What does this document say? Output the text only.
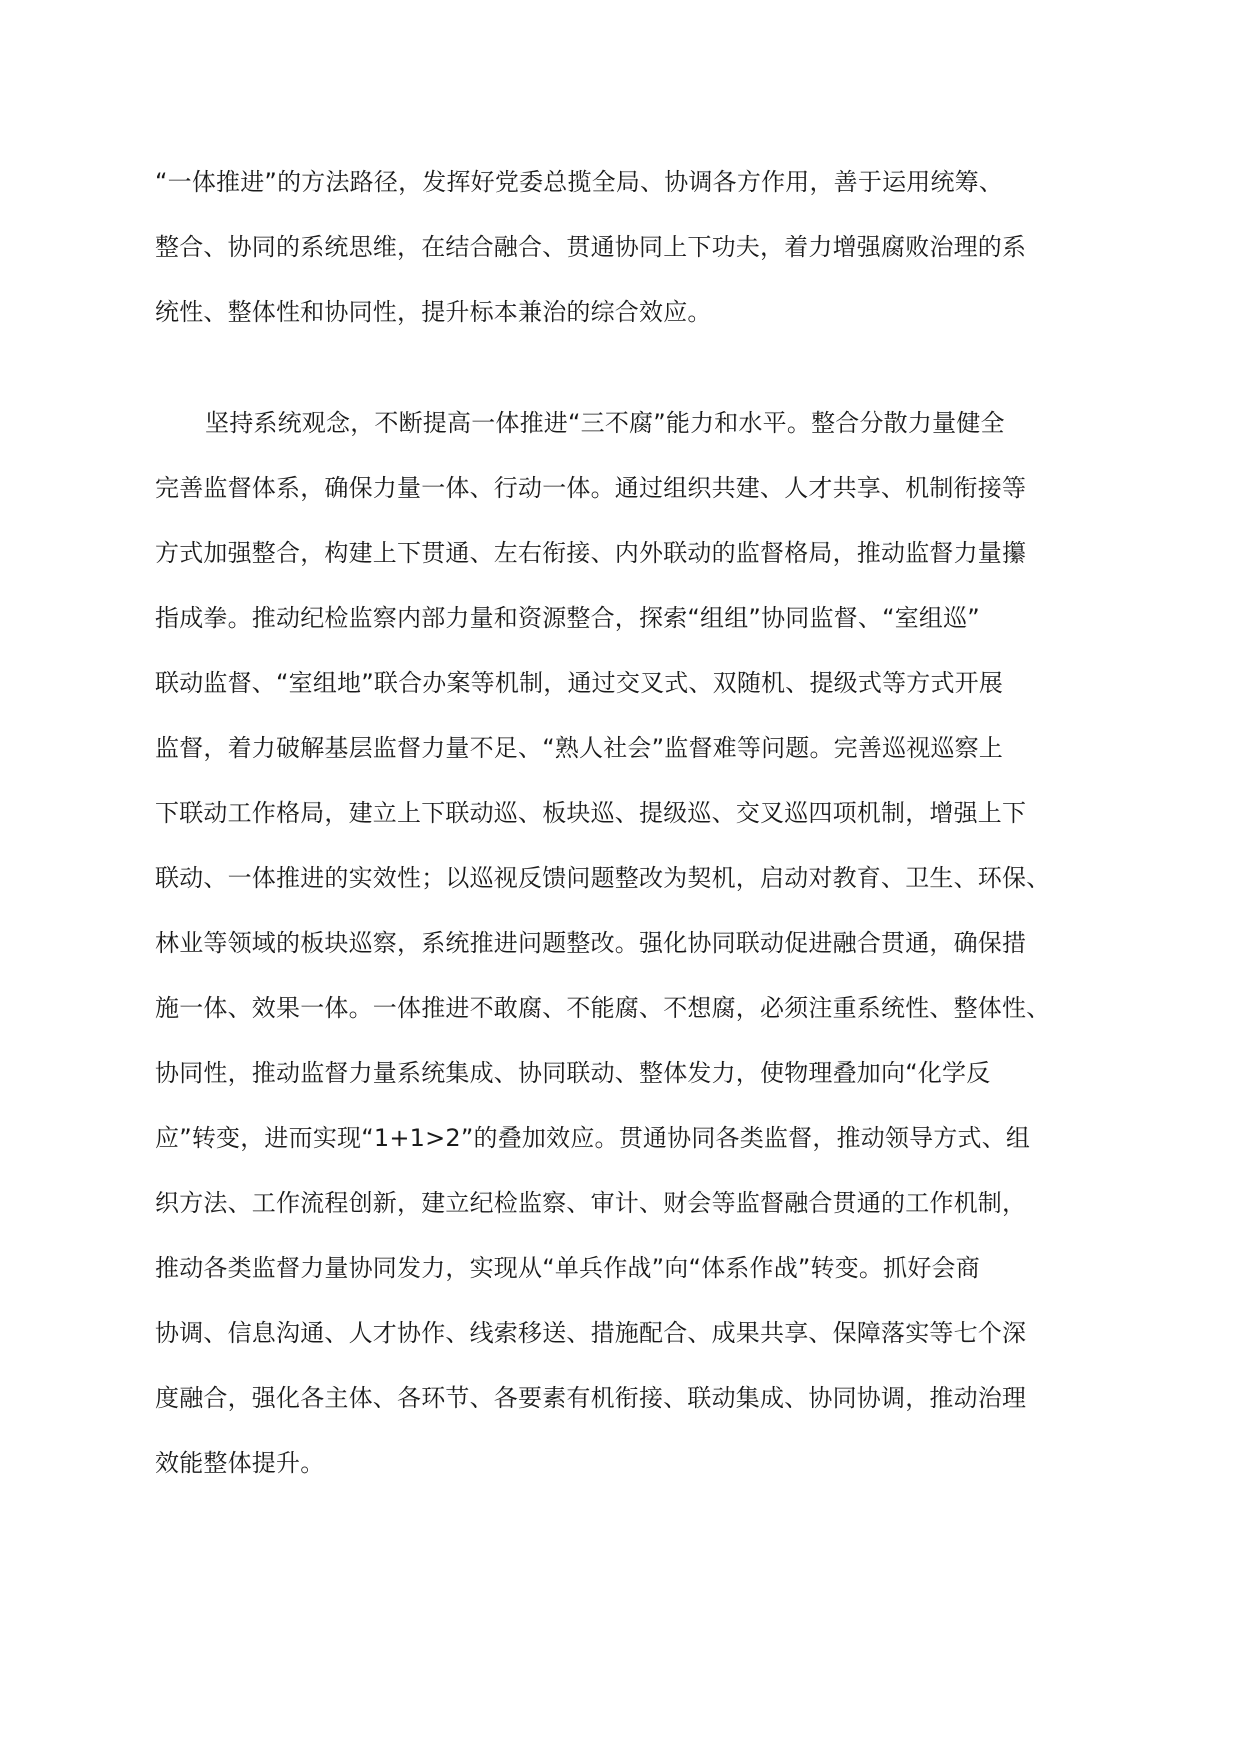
“一体推进”的方法路径，发挥好党委总揽全局、协调各方作用，善于运用统筹、
整合、协同的系统思维，在结合融合、贯通协同上下功夫，着力增强腐败治理的系
统性、整体性和协同性，提升标本兼治的综合效应。
坚持系统观念，不断提高一体推进“三不腐”能力和水平。整合分散力量健全
完善监督体系，确保力量一体、行动一体。通过组织共建、人才共享、机制衔接等
方式加强整合，构建上下贯通、左右衔接、内外联动的监督格局，推动监督力量攥
指成拳。推动纪检监察内部力量和资源整合，探索“组组”协同监督、“室组巡”
联动监督、“室组地”联合办案等机制，通过交叉式、双随机、提级式等方式开展
监督，着力破解基层监督力量不足、“熟人社会”监督难等问题。完善巡视巡察上
下联动工作格局，建立上下联动巡、板块巡、提级巡、交叉巡四项机制，增强上下
联动、一体推进的实效性；以巡视反馈问题整改为契机，启动对教育、卫生、环保、
林业等领域的板块巡察，系统推进问题整改。强化协同联动促进融合贯通，确保措
施一体、效果一体。一体推进不敢腐、不能腐、不想腐，必须注重系统性、整体性、
协同性，推动监督力量系统集成、协同联动、整体发力，使物理叠加向“化学反
应”转变，进而实现“1+1>2”的叠加效应。贯通协同各类监督，推动领导方式、组
织方法、工作流程创新，建立纪检监察、审计、财会等监督融合贯通的工作机制，
推动各类监督力量协同发力，实现从“单兵作战”向“体系作战”转变。抓好会商
协调、信息沟通、人才协作、线索移送、措施配合、成果共享、保障落实等七个深
度融合，强化各主体、各环节、各要素有机衔接、联动集成、协同协调，推动治理
效能整体提升。
